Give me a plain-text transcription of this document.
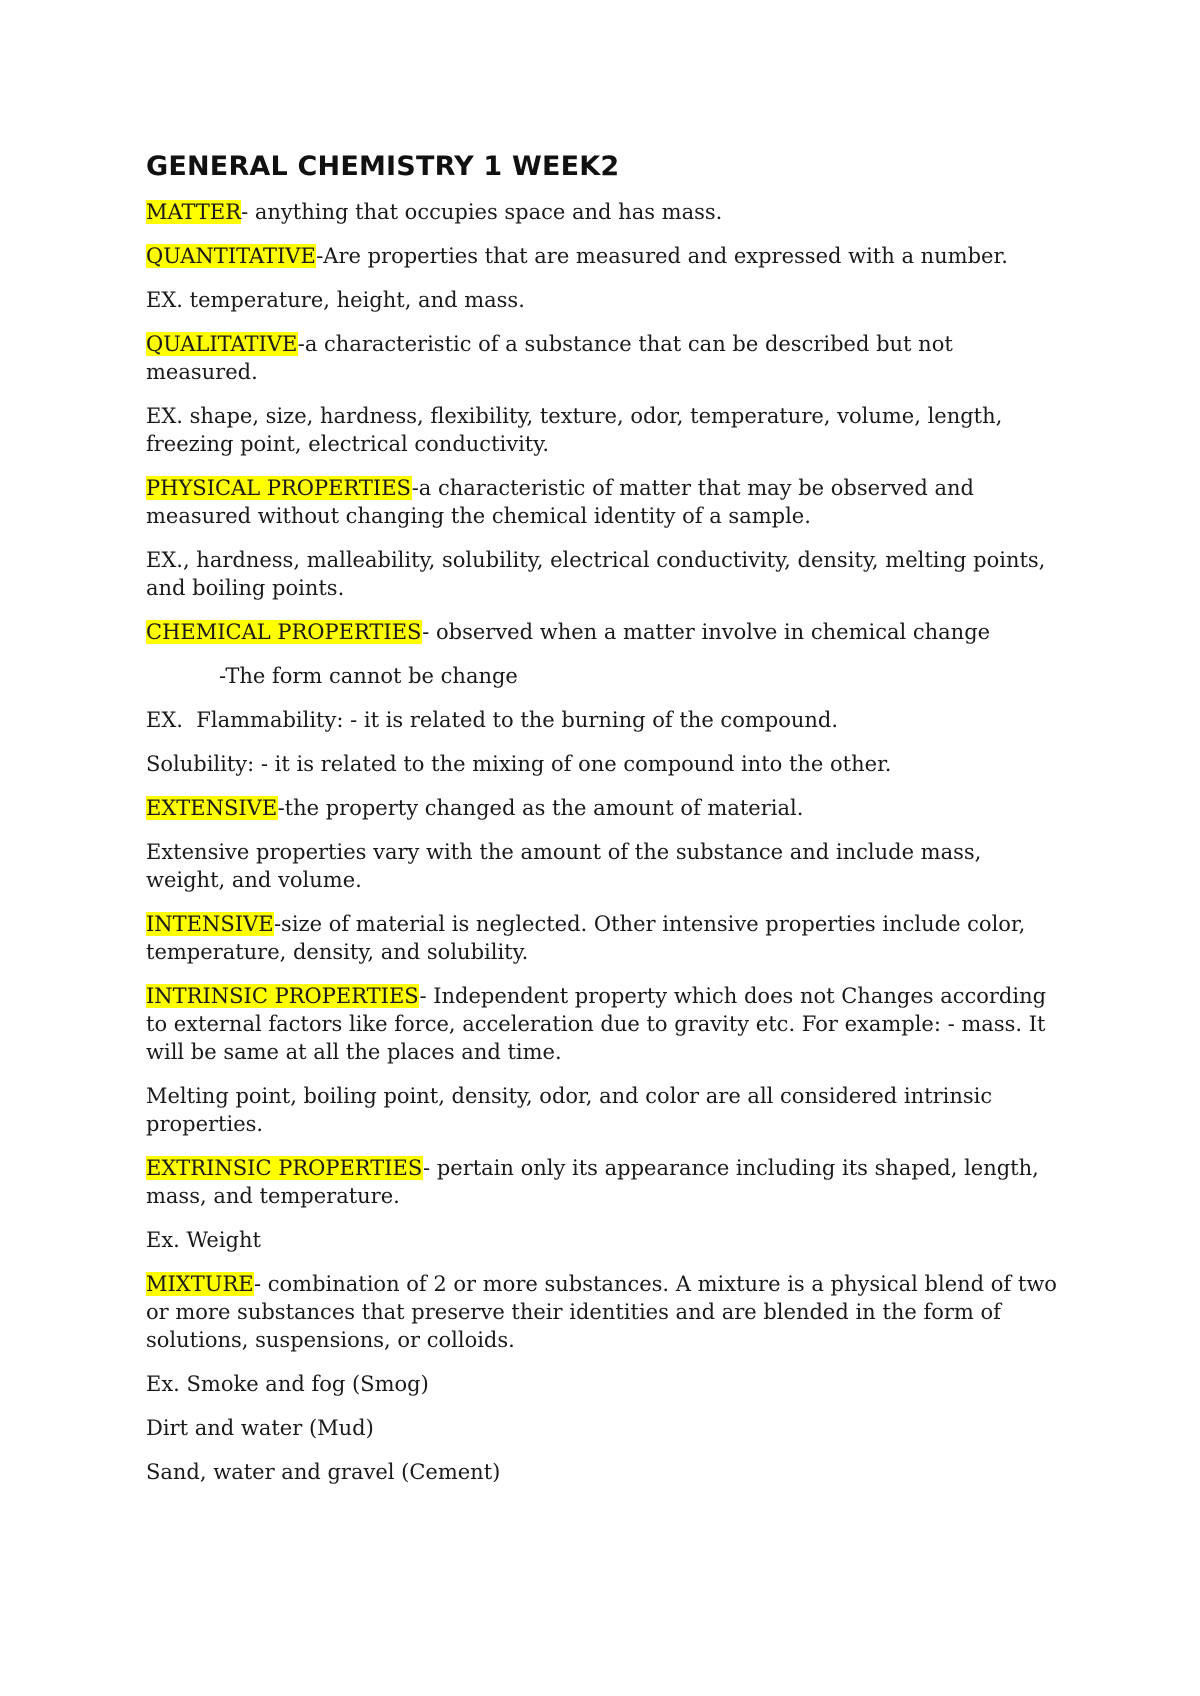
GENERAL CHEMISTRY 1 WEEK2

MATTER- anything that occupies space and has mass.

QUANTITATIVE-Are properties that are measured and expressed with a number.

EX. temperature, height, and mass.

QUALITATIVE-a characteristic of a substance that can be described but not measured.

EX. shape, size, hardness, flexibility, texture, odor, temperature, volume, length, freezing point, electrical conductivity.

PHYSICAL PROPERTIES-a characteristic of matter that may be observed and measured without changing the chemical identity of a sample.

EX., hardness, malleability, solubility, electrical conductivity, density, melting points, and boiling points.

CHEMICAL PROPERTIES- observed when a matter involve in chemical change

-The form cannot be change

EX.  Flammability: - it is related to the burning of the compound.

Solubility: - it is related to the mixing of one compound into the other.

EXTENSIVE-the property changed as the amount of material.

Extensive properties vary with the amount of the substance and include mass, weight, and volume.

INTENSIVE-size of material is neglected. Other intensive properties include color, temperature, density, and solubility.

INTRINSIC PROPERTIES- Independent property which does not Changes according to external factors like force, acceleration due to gravity etc. For example: - mass. It will be same at all the places and time.

Melting point, boiling point, density, odor, and color are all considered intrinsic properties.

EXTRINSIC PROPERTIES- pertain only its appearance including its shaped, length, mass, and temperature.

Ex. Weight

MIXTURE- combination of 2 or more substances. A mixture is a physical blend of two or more substances that preserve their identities and are blended in the form of solutions, suspensions, or colloids.

Ex. Smoke and fog (Smog)

Dirt and water (Mud)

Sand, water and gravel (Cement)
